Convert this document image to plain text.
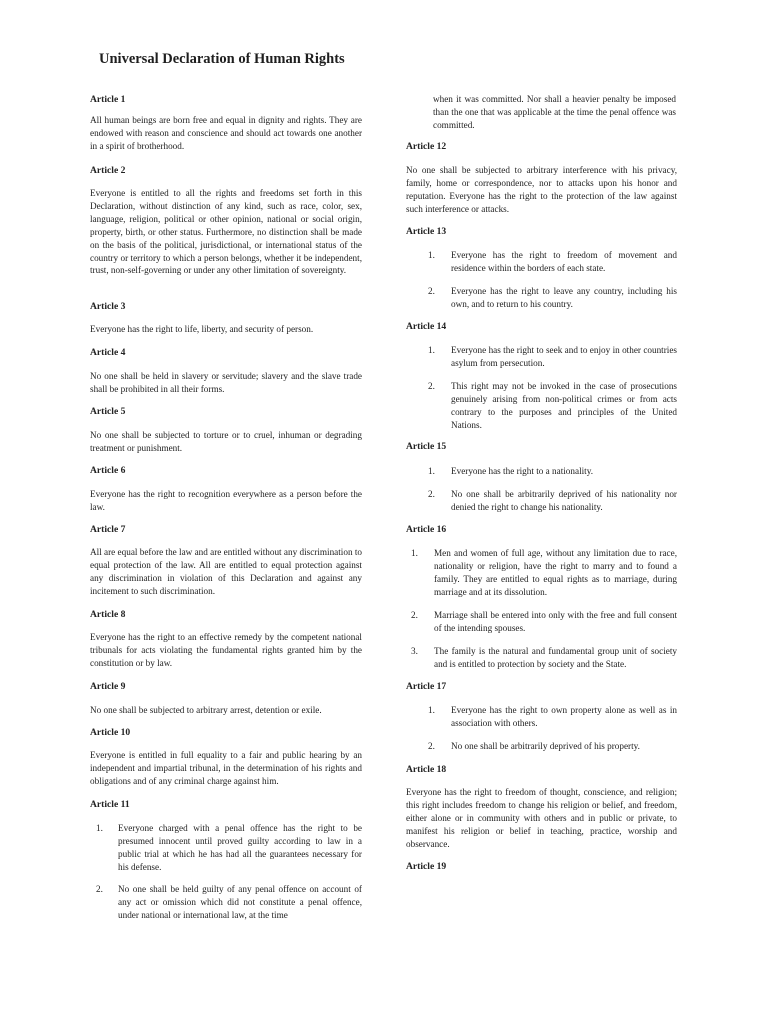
Universal Declaration of Human Rights
Article 1
All human beings are born free and equal in dignity and rights. They are endowed with reason and conscience and should act towards one another in a spirit of brotherhood.
Article 2
Everyone is entitled to all the rights and freedoms set forth in this Declaration, without distinction of any kind, such as race, color, sex, language, religion, political or other opinion, national or social origin, property, birth, or other status. Furthermore, no distinction shall be made on the basis of the political, jurisdictional, or international status of the country or territory to which a person belongs, whether it be independent, trust, non-self-governing or under any other limitation of sovereignty.
Article 3
Everyone has the right to life, liberty, and security of person.
Article 4
No one shall be held in slavery or servitude; slavery and the slave trade shall be prohibited in all their forms.
Article 5
No one shall be subjected to torture or to cruel, inhuman or degrading treatment or punishment.
Article 6
Everyone has the right to recognition everywhere as a person before the law.
Article 7
All are equal before the law and are entitled without any discrimination to equal protection of the law. All are entitled to equal protection against any discrimination in violation of this Declaration and against any incitement to such discrimination.
Article 8
Everyone has the right to an effective remedy by the competent national tribunals for acts violating the fundamental rights granted him by the constitution or by law.
Article 9
No one shall be subjected to arbitrary arrest, detention or exile.
Article 10
Everyone is entitled in full equality to a fair and public hearing by an independent and impartial tribunal, in the determination of his rights and obligations and of any criminal charge against him.
Article 11
1. Everyone charged with a penal offence has the right to be presumed innocent until proved guilty according to law in a public trial at which he has had all the guarantees necessary for his defense.
2. No one shall be held guilty of any penal offence on account of any act or omission which did not constitute a penal offence, under national or international law, at the time
when it was committed. Nor shall a heavier penalty be imposed than the one that was applicable at the time the penal offence was committed.
Article 12
No one shall be subjected to arbitrary interference with his privacy, family, home or correspondence, nor to attacks upon his honor and reputation. Everyone has the right to the protection of the law against such interference or attacks.
Article 13
1. Everyone has the right to freedom of movement and residence within the borders of each state.
2. Everyone has the right to leave any country, including his own, and to return to his country.
Article 14
1. Everyone has the right to seek and to enjoy in other countries asylum from persecution.
2. This right may not be invoked in the case of prosecutions genuinely arising from non-political crimes or from acts contrary to the purposes and principles of the United Nations.
Article 15
1. Everyone has the right to a nationality.
2. No one shall be arbitrarily deprived of his nationality nor denied the right to change his nationality.
Article 16
1. Men and women of full age, without any limitation due to race, nationality or religion, have the right to marry and to found a family. They are entitled to equal rights as to marriage, during marriage and at its dissolution.
2. Marriage shall be entered into only with the free and full consent of the intending spouses.
3. The family is the natural and fundamental group unit of society and is entitled to protection by society and the State.
Article 17
1. Everyone has the right to own property alone as well as in association with others.
2. No one shall be arbitrarily deprived of his property.
Article 18
Everyone has the right to freedom of thought, conscience, and religion; this right includes freedom to change his religion or belief, and freedom, either alone or in community with others and in public or private, to manifest his religion or belief in teaching, practice, worship and observance.
Article 19
